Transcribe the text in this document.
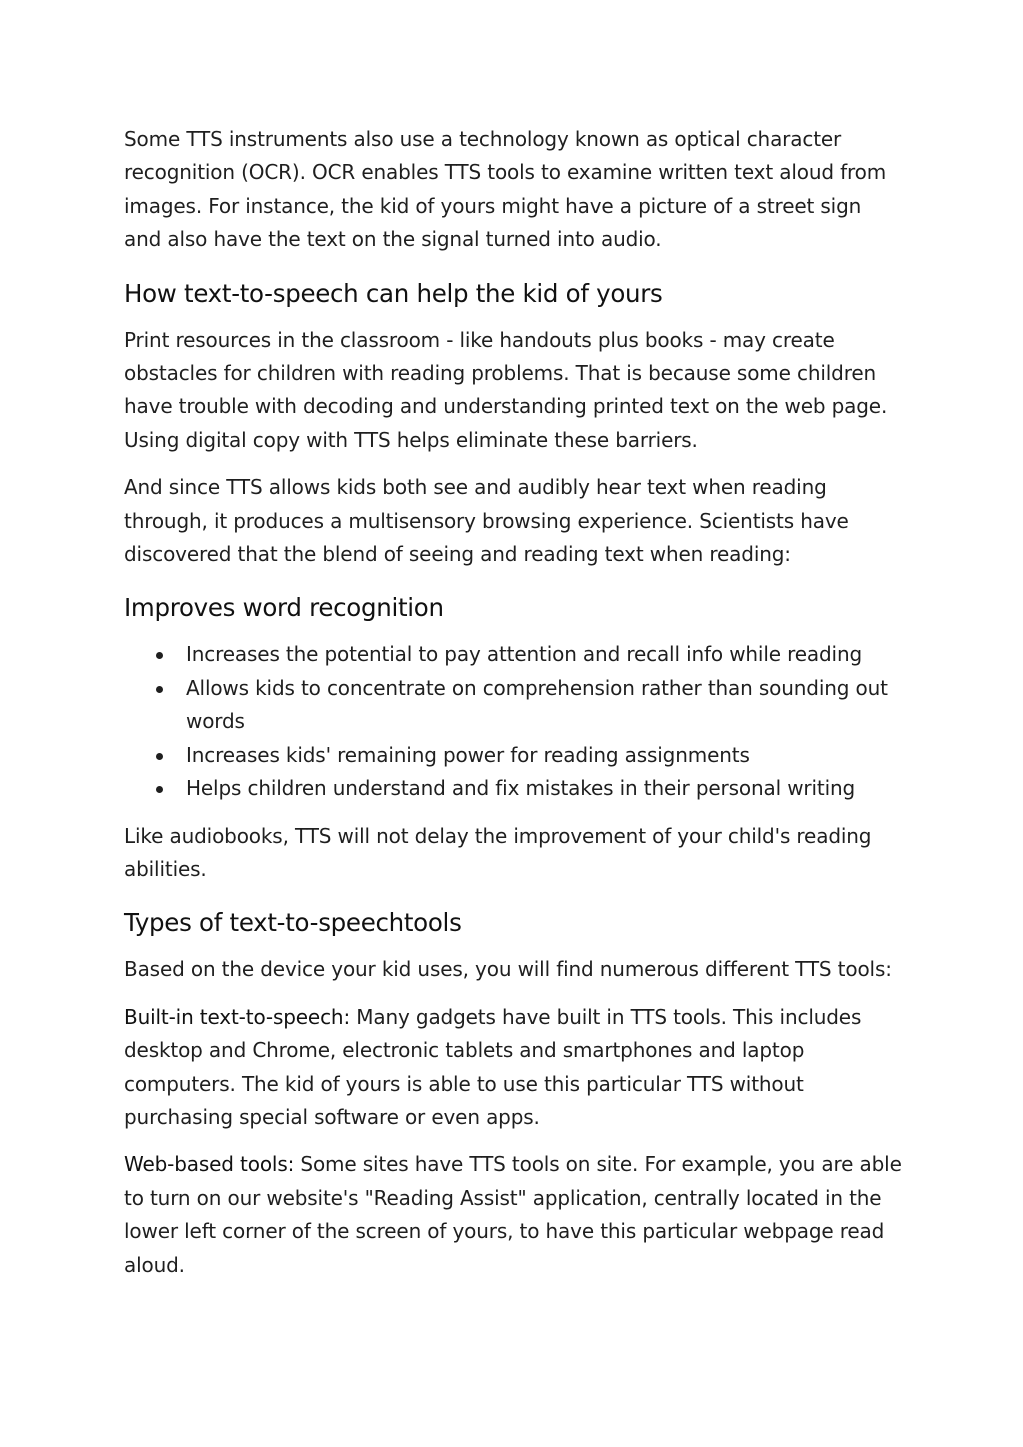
Some TTS instruments also use a technology known as optical character recognition (OCR). OCR enables TTS tools to examine written text aloud from images. For instance, the kid of yours might have a picture of a street sign and also have the text on the signal turned into audio.

How text-to-speech can help the kid of yours

Print resources in the classroom - like handouts plus books - may create obstacles for children with reading problems. That is because some children have trouble with decoding and understanding printed text on the web page. Using digital copy with TTS helps eliminate these barriers.

And since TTS allows kids both see and audibly hear text when reading through, it produces a multisensory browsing experience. Scientists have discovered that the blend of seeing and reading text when reading:

Improves word recognition
Increases the potential to pay attention and recall info while reading
Allows kids to concentrate on comprehension rather than sounding out words
Increases kids' remaining power for reading assignments
Helps children understand and fix mistakes in their personal writing

Like audiobooks, TTS will not delay the improvement of your child's reading abilities.

Types of text-to-speechtools

Based on the device your kid uses, you will find numerous different TTS tools:

Built-in text-to-speech: Many gadgets have built in TTS tools. This includes desktop and Chrome, electronic tablets and smartphones and laptop computers. The kid of yours is able to use this particular TTS without purchasing special software or even apps.

Web-based tools: Some sites have TTS tools on site. For example, you are able to turn on our website's "Reading Assist" application, centrally located in the lower left corner of the screen of yours, to have this particular webpage read aloud.
